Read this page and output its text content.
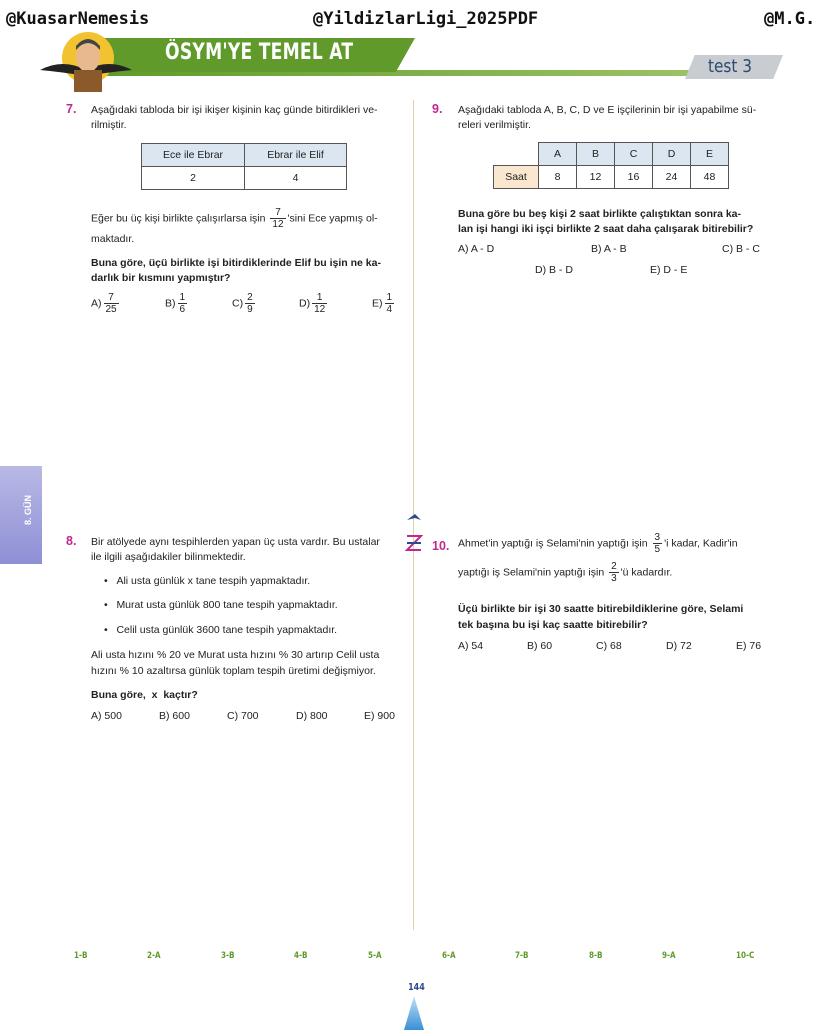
@KuasarNemesis	@YildizlarLigi_2025PDF	@M.G.
ÖSYM'YE TEMEL AT
test 3
8. GÜN
7. Aşağıdaki tabloda bir işi ikişer kişinin kaç günde bitirdikleri ve-
rilmiştir.
Ece ile Ebrar	Ebrar ile Elif
2	4
Eğer bu üç kişi birlikte çalışırlarsa işin $\frac{7}{12}$ 'sini Ece yapmış ol-
maktadır.
Buna göre, üçü birlikte işi bitirdiklerinde Elif bu işin ne ka-
darlık bir kısmını yapmıştır?
$A) \frac{7}{25}$	$B) \frac{1}{6}$	$C) \frac{2}{9}$	$D) \frac{1}{12}$	$E) \frac{1}{4}$
9. Aşağıdaki tabloda A, B, C, D ve E işçilerinin bir işi yapabilme sü-
releri verilmiştir.
	A	B	C	D	E
Saat	8	12	16	24	48
Buna göre bu beş kişi 2 saat birlikte çalıştıktan sonra ka-
lan işi hangi iki işçi birlikte 2 saat daha çalışarak bitirebilir?
A) A - D	B) A - B	C) B - C
D) B - D	E) D - E
8. Bir atölyede aynı tespihlerden yapan üç usta vardır. Bu ustalar
ile ilgili aşağıdakiler bilinmektedir.
•   Ali usta günlük x tane tespih yapmaktadır.
•   Murat usta günlük 800 tane tespih yapmaktadır.
•   Celil usta günlük 3600 tane tespih yapmaktadır.
Ali usta hızını % 20 ve Murat usta hızını % 30 artırıp Celil usta
hızını % 10 azaltırsa günlük toplam tespih üretimi değişmiyor.
Buna göre,  x  kaçtır?
A) 500	B) 600	C) 700	D) 800	E) 900
10. Ahmet'in yaptığı iş Selami'nin yaptığı işin $\frac{3}{5}$ 'i kadar, Kadir'in
yaptığı iş Selami'nin yaptığı işin $\frac{2}{3}$ 'ü kadardır.
Üçü birlikte bir işi 30 saatte bitirebildiklerine göre, Selami
tek başına bu işi kaç saatte bitirebilir?
A) 54	B) 60	C) 68	D) 72	E) 76
1-B	2-A	3-B	4-B	5-A	6-A	7-B	8-B	9-A	10-C
144
